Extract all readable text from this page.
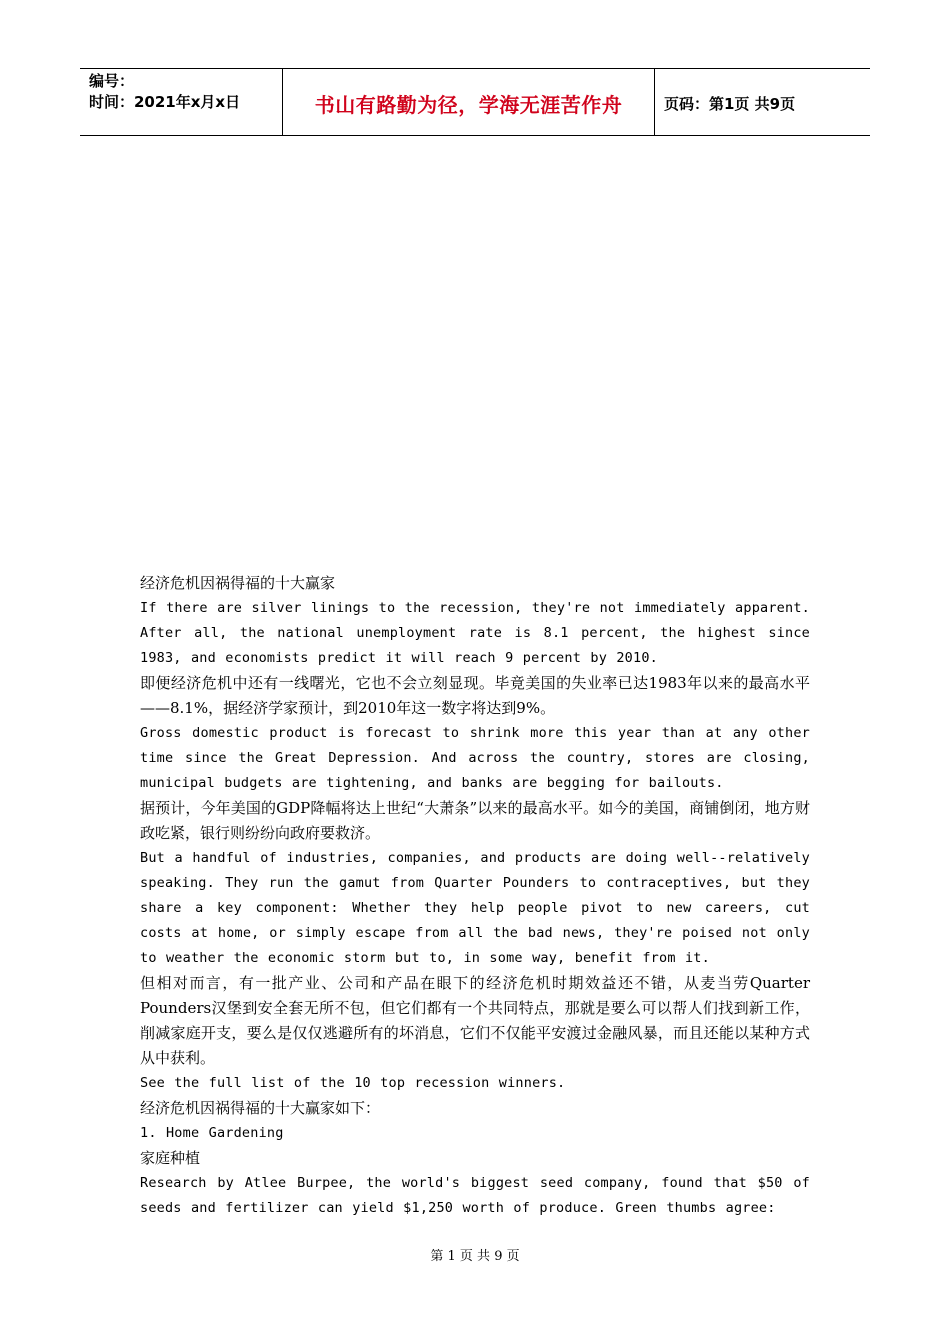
编号：
时间：2021年x月x日	书山有路勤为径，学海无涯苦作舟	页码：第1页 共9页

经济危机因祸得福的十大赢家

If there are silver linings to the recession, they're not immediately apparent. After all, the national unemployment rate is 8.1 percent, the highest since 1983, and economists predict it will reach 9 percent by 2010.

即便经济危机中还有一线曙光，它也不会立刻显现。毕竟美国的失业率已达1983年以来的最高水平——8.1%，据经济学家预计，到2010年这一数字将达到9%。

Gross domestic product is forecast to shrink more this year than at any other time since the Great Depression. And across the country, stores are closing, municipal budgets are tightening, and banks are begging for bailouts.

据预计，今年美国的GDP降幅将达上世纪“大萧条”以来的最高水平。如今的美国，商铺倒闭，地方财政吃紧，银行则纷纷向政府要救济。

But a handful of industries, companies, and products are doing well--relatively speaking. They run the gamut from Quarter Pounders to contraceptives, but they share a key component: Whether they help people pivot to new careers, cut costs at home, or simply escape from all the bad news, they're poised not only to weather the economic storm but to, in some way, benefit from it.

但相对而言，有一批产业、公司和产品在眼下的经济危机时期效益还不错，从麦当劳Quarter Pounders汉堡到安全套无所不包，但它们都有一个共同特点，那就是要么可以帮人们找到新工作，削减家庭开支，要么是仅仅逃避所有的坏消息，它们不仅能平安渡过金融风暴，而且还能以某种方式从中获利。

See the full list of the 10 top recession winners.

经济危机因祸得福的十大赢家如下：

1. Home Gardening

家庭种植

Research by Atlee Burpee, the world's biggest seed company, found that $50 of seeds and fertilizer can yield $1,250 worth of produce. Green thumbs agree:

第 1 页 共 9 页
